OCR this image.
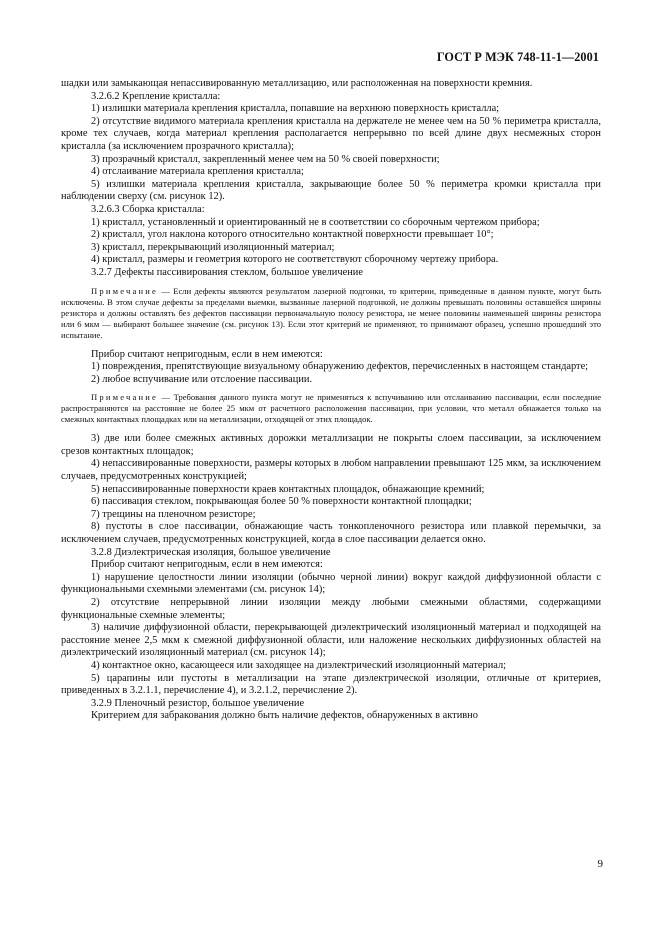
ГОСТ Р МЭК 748-11-1—2001

шадки или замыкающая непассивированную металлизацию, или расположенная на поверхности кремния.

3.2.6.2 Крепление кристалла:

1) излишки материала крепления кристалла, попавшие на верхнюю поверхность кристалла;

2) отсутствие видимого материала крепления кристалла на держателе не менее чем на 50 % периметра кристалла, кроме тех случаев, когда материал крепления располагается непрерывно по всей длине двух несмежных сторон кристалла (за исключением прозрачного кристалла);

3) прозрачный кристалл, закрепленный менее чем на 50 % своей поверхности;

4) отслаивание материала крепления кристалла;

5) излишки материала крепления кристалла, закрывающие более 50 % периметра кромки кристалла при наблюдении сверху (см. рисунок 12).

3.2.6.3 Сборка кристалла:

1) кристалл, установленный и ориентированный не в соответствии со сборочным чертежом прибора;

2) кристалл, угол наклона которого относительно контактной поверхности превышает 10°;

3) кристалл, перекрывающий изоляционный материал;

4) кристалл, размеры и геометрия которого не соответствуют сборочному чертежу прибора.

3.2.7 Дефекты пассивирования стеклом, большое увеличение

Примечание — Если дефекты являются результатом лазерной подгонки, то критерии, приведенные в данном пункте, могут быть исключены. В этом случае дефекты за пределами выемки, вызванные лазерной подгонкой, не должны превышать половины оставшейся ширины резистора и должны оставлять без дефектов пассивации первоначальную полосу резистора, не менее половины наименьшей ширины резистора или 6 мкм — выбирают большее значение (см. рисунок 13). Если этот критерий не применяют, то принимают образец, успешно прошедший это испытание.

Прибор считают непригодным, если в нем имеются:

1) повреждения, препятствующие визуальному обнаружению дефектов, перечисленных в настоящем стандарте;

2) любое вспучивание или отслоение пассивации.

Примечание — Требования данного пункта могут не применяться к вспучиванию или отслаиванию пассивации, если последние распространяются на расстояние не более 25 мкм от расчетного расположения пассивации, при условии, что металл обнажается только на смежных контактных площадках или на металлизации, отходящей от этих площадок.

3) две или более смежных активных дорожки металлизации не покрыты слоем пассивации, за исключением срезов контактных площадок;

4) непассивированные поверхности, размеры которых в любом направлении превышают 125 мкм, за исключением случаев, предусмотренных конструкцией;

5) непассивированные поверхности краев контактных площадок, обнажающие кремний;

6) пассивация стеклом, покрывающая более 50 % поверхности контактной площадки;

7) трещины на пленочном резисторе;

8) пустоты в слое пассивации, обнажающие часть тонкопленочного резистора или плавкой перемычки, за исключением случаев, предусмотренных конструкцией, когда в слое пассивации делается окно.

3.2.8 Диэлектрическая изоляция, большое увеличение

Прибор считают непригодным, если в нем имеются:

1) нарушение целостности линии изоляции (обычно черной линии) вокруг каждой диффузионной области с функциональными схемными элементами (см. рисунок 14);

2) отсутствие непрерывной линии изоляции между любыми смежными областями, содержащими функциональные схемные элементы;

3) наличие диффузионной области, перекрывающей диэлектрический изоляционный материал и подходящей на расстояние менее 2,5 мкм к смежной диффузионной области, или наложение нескольких диффузионных областей на диэлектрический изоляционный материал (см. рисунок 14);

4) контактное окно, касающееся или заходящее на диэлектрический изоляционный материал;

5) царапины или пустоты в металлизации на этапе диэлектрической изоляции, отличные от критериев, приведенных в 3.2.1.1, перечисление 4), и 3.2.1.2, перечисление 2).

3.2.9 Пленочный резистор, большое увеличение

Критерием для забракования должно быть наличие дефектов, обнаруженных в активно

9
